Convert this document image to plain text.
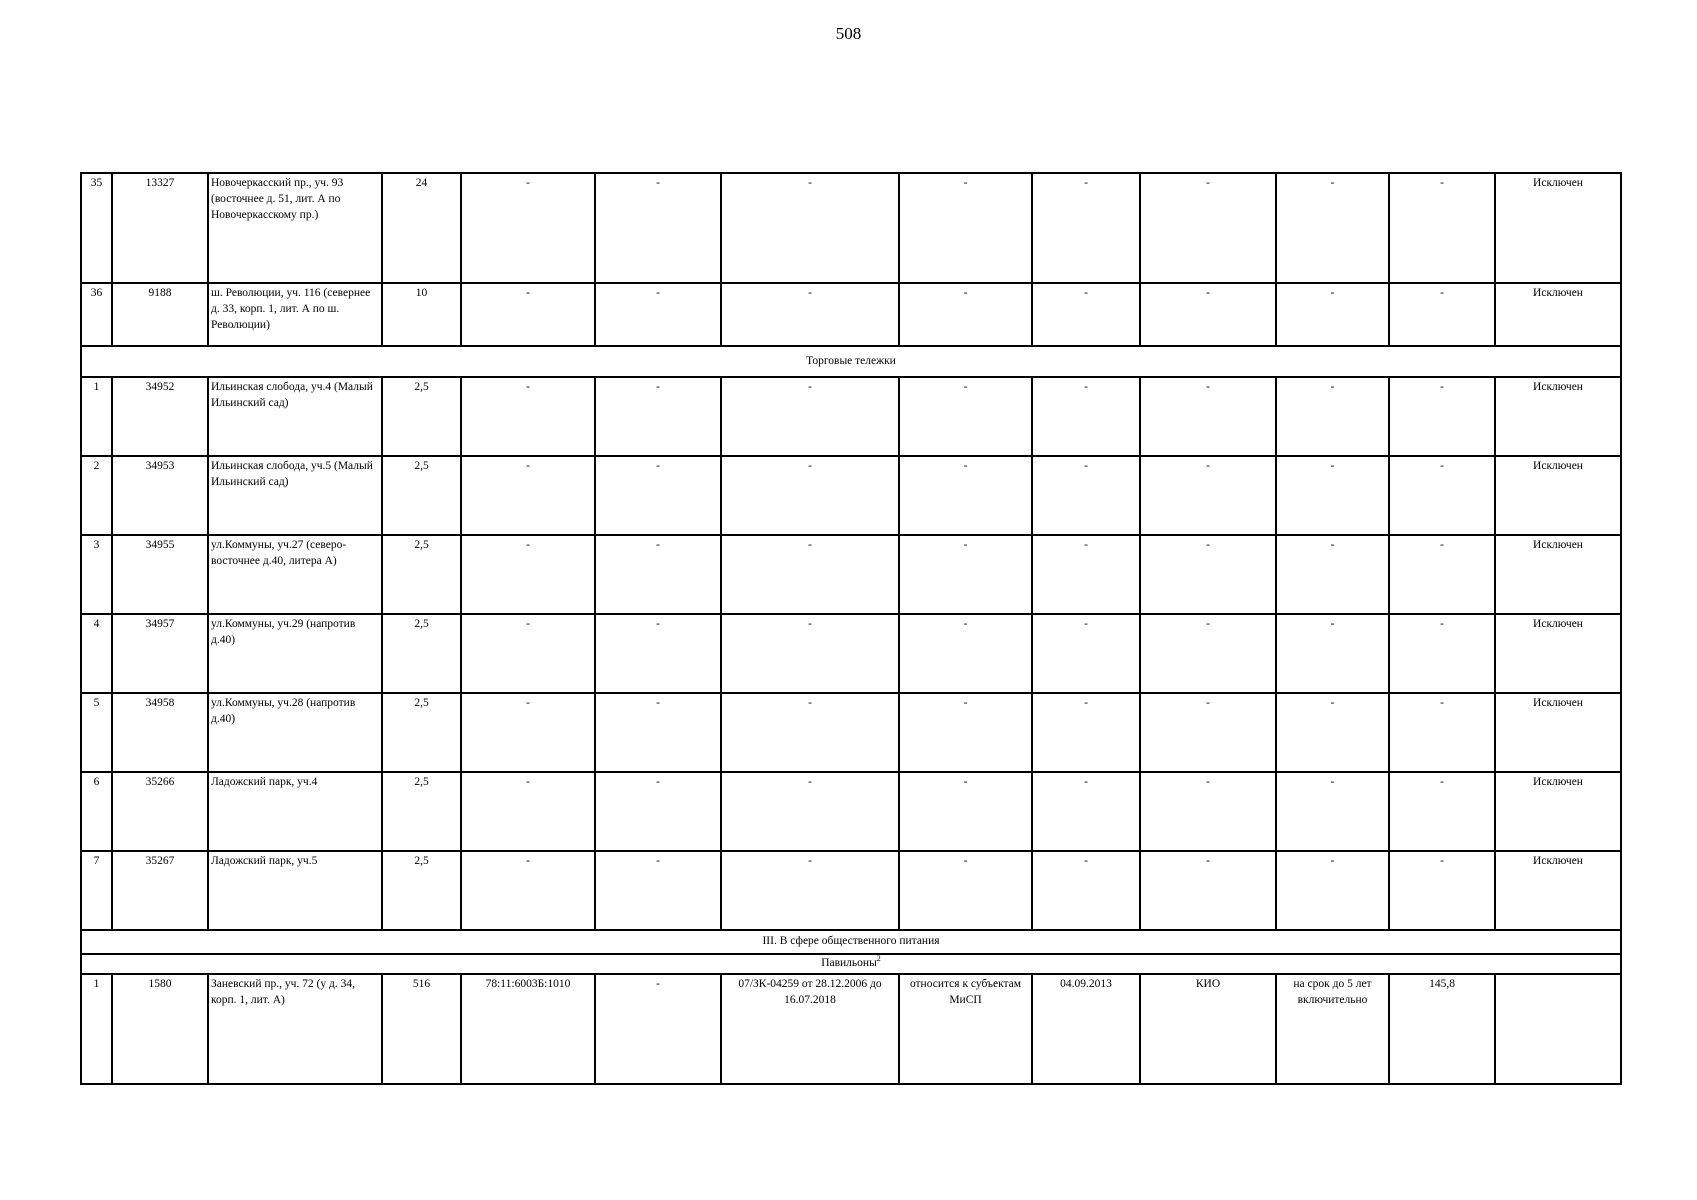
508
35	13327	Новочеркасский пр., уч. 93 (восточнее д. 51, лит. А по Новочеркасскому пр.)	24	-	-	-	-	-	-	-	-	Исключен
36	9188	ш. Революции, уч. 116 (севернее д. 33, корп. 1, лит. А по ш. Революции)	10	-	-	-	-	-	-	-	-	Исключен
Торговые тележки												
1	34952	Ильинская слобода, уч.4 (Малый Ильинский сад)	2,5	-	-	-	-	-	-	-	-	Исключен
2	34953	Ильинская слобода, уч.5 (Малый Ильинский сад)	2,5	-	-	-	-	-	-	-	-	Исключен
3	34955	ул.Коммуны, уч.27 (северо-восточнее д.40, литера А)	2,5	-	-	-	-	-	-	-	-	Исключен
4	34957	ул.Коммуны, уч.29 (напротив д.40)	2,5	-	-	-	-	-	-	-	-	Исключен
5	34958	ул.Коммуны, уч.28 (напротив д.40)	2,5	-	-	-	-	-	-	-	-	Исключен
6	35266	Ладожский парк, уч.4	2,5	-	-	-	-	-	-	-	-	Исключен
7	35267	Ладожский парк, уч.5	2,5	-	-	-	-	-	-	-	-	Исключен
III. В сфере общественного питания												
Павильоны$^2$
1	1580	Заневский пр., уч. 72 (у д. 34, корп. 1, лит. А)	516	78:11:6003Б:1010	-	07/ЗК-04259 от 28.12.2006 до 16.07.2018	относится к субъектам МиСП	04.09.2013	КИО	на срок до 5 лет включительно	145,8	
